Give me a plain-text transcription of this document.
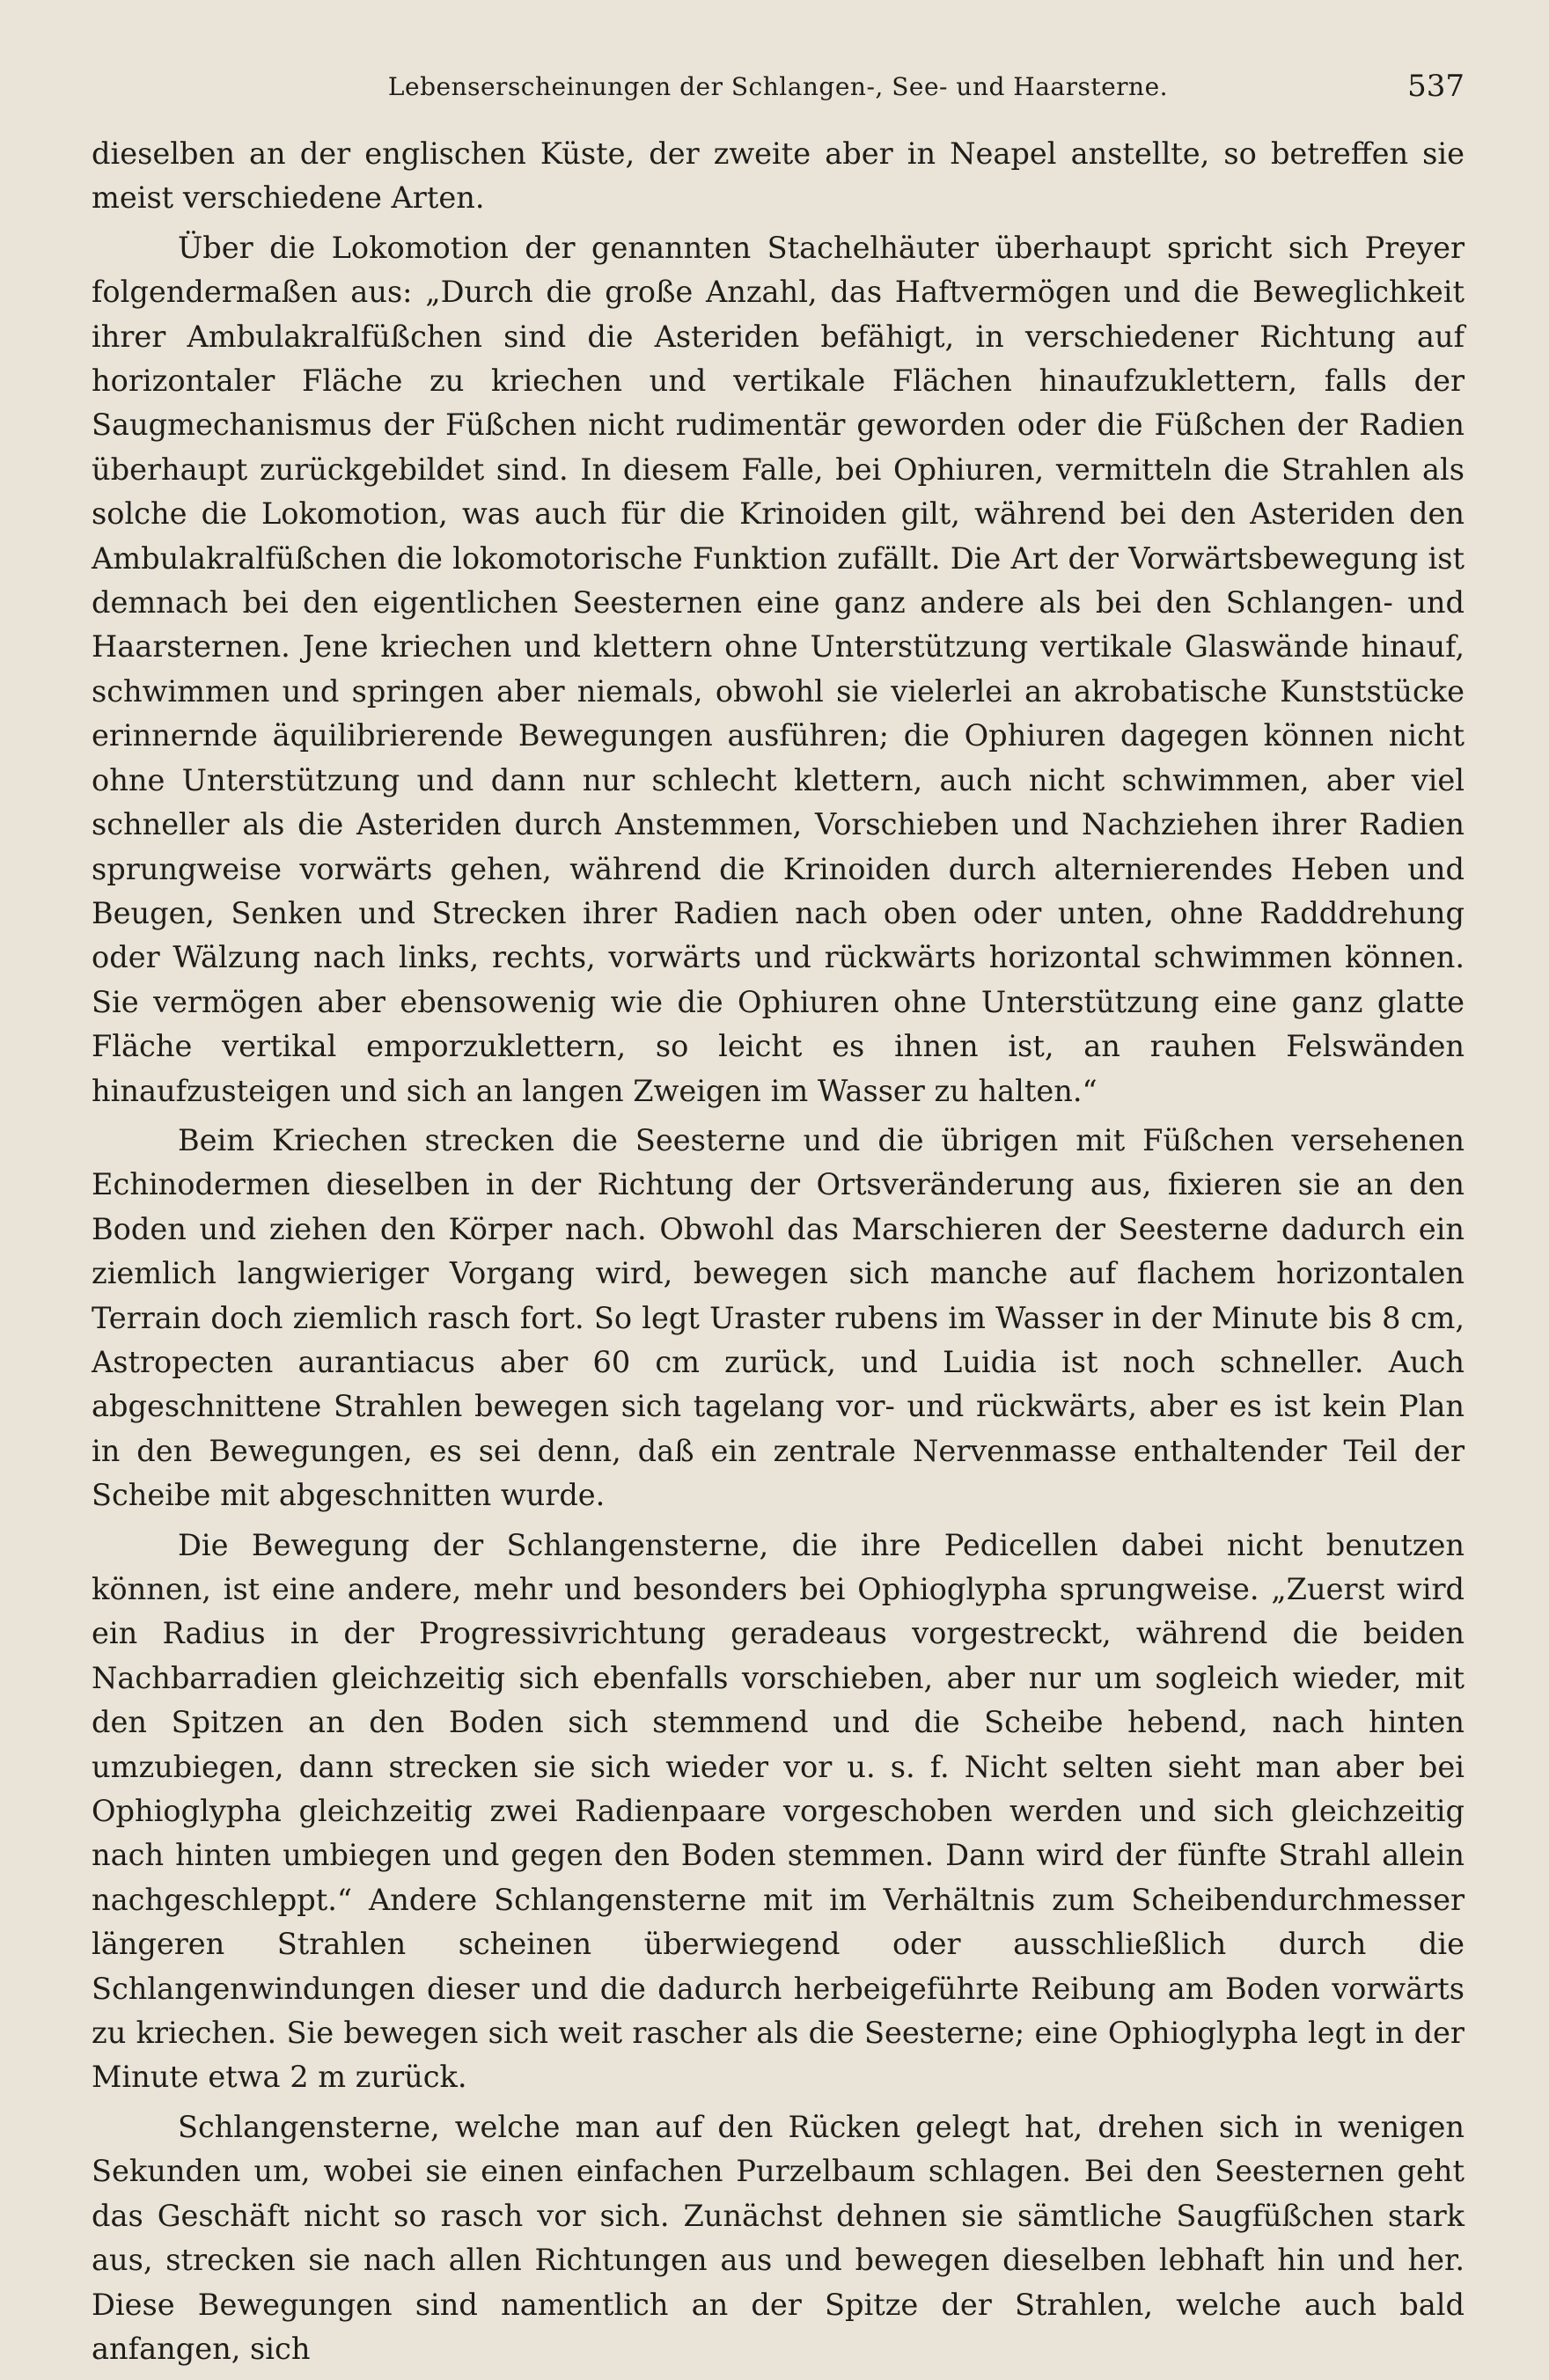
Lebenserscheinungen der Schlangen-, See- und Haarsterne.	537

dieselben an der englischen Küste, der zweite aber in Neapel anstellte, so betreffen sie meist verschiedene Arten.

Über die Lokomotion der genannten Stachelhäuter überhaupt spricht sich Preyer folgendermaßen aus: „Durch die große Anzahl, das Haftvermögen und die Beweglichkeit ihrer Ambulakralfüßchen sind die Asteriden befähigt, in verschiedener Richtung auf horizontaler Fläche zu kriechen und vertikale Flächen hinaufzuklettern, falls der Saugmechanismus der Füßchen nicht rudimentär geworden oder die Füßchen der Radien überhaupt zurückgebildet sind. In diesem Falle, bei Ophiuren, vermitteln die Strahlen als solche die Lokomotion, was auch für die Krinoiden gilt, während bei den Asteriden den Ambulakralfüßchen die lokomotorische Funktion zufällt. Die Art der Vorwärtsbewegung ist demnach bei den eigentlichen Seesternen eine ganz andere als bei den Schlangen- und Haarsternen. Jene kriechen und klettern ohne Unterstützung vertikale Glaswände hinauf, schwimmen und springen aber niemals, obwohl sie vielerlei an akrobatische Kunststücke erinnernde äquilibrierende Bewegungen ausführen; die Ophiuren dagegen können nicht ohne Unterstützung und dann nur schlecht klettern, auch nicht schwimmen, aber viel schneller als die Asteriden durch Anstemmen, Vorschieben und Nachziehen ihrer Radien sprungweise vorwärts gehen, während die Krinoiden durch alternierendes Heben und Beugen, Senken und Strecken ihrer Radien nach oben oder unten, ohne Radddrehung oder Wälzung nach links, rechts, vorwärts und rückwärts horizontal schwimmen können. Sie vermögen aber ebensowenig wie die Ophiuren ohne Unterstützung eine ganz glatte Fläche vertikal emporzuklettern, so leicht es ihnen ist, an rauhen Felswänden hinaufzusteigen und sich an langen Zweigen im Wasser zu halten.“

Beim Kriechen strecken die Seesterne und die übrigen mit Füßchen versehenen Echinodermen dieselben in der Richtung der Ortsveränderung aus, fixieren sie an den Boden und ziehen den Körper nach. Obwohl das Marschieren der Seesterne dadurch ein ziemlich langwieriger Vorgang wird, bewegen sich manche auf flachem horizontalen Terrain doch ziemlich rasch fort. So legt Uraster rubens im Wasser in der Minute bis 8 cm, Astropecten aurantiacus aber 60 cm zurück, und Luidia ist noch schneller. Auch abgeschnittene Strahlen bewegen sich tagelang vor- und rückwärts, aber es ist kein Plan in den Bewegungen, es sei denn, daß ein zentrale Nervenmasse enthaltender Teil der Scheibe mit abgeschnitten wurde.

Die Bewegung der Schlangensterne, die ihre Pedicellen dabei nicht benutzen können, ist eine andere, mehr und besonders bei Ophioglypha sprungweise. „Zuerst wird ein Radius in der Progressivrichtung geradeaus vorgestreckt, während die beiden Nachbarradien gleichzeitig sich ebenfalls vorschieben, aber nur um sogleich wieder, mit den Spitzen an den Boden sich stemmend und die Scheibe hebend, nach hinten umzubiegen, dann strecken sie sich wieder vor u. s. f. Nicht selten sieht man aber bei Ophioglypha gleichzeitig zwei Radienpaare vorgeschoben werden und sich gleichzeitig nach hinten umbiegen und gegen den Boden stemmen. Dann wird der fünfte Strahl allein nachgeschleppt.“ Andere Schlangensterne mit im Verhältnis zum Scheibendurchmesser längeren Strahlen scheinen überwiegend oder ausschließlich durch die Schlangenwindungen dieser und die dadurch herbeigeführte Reibung am Boden vorwärts zu kriechen. Sie bewegen sich weit rascher als die Seesterne; eine Ophioglypha legt in der Minute etwa 2 m zurück.

Schlangensterne, welche man auf den Rücken gelegt hat, drehen sich in wenigen Sekunden um, wobei sie einen einfachen Purzelbaum schlagen. Bei den Seesternen geht das Geschäft nicht so rasch vor sich. Zunächst dehnen sie sämtliche Saugfüßchen stark aus, strecken sie nach allen Richtungen aus und bewegen dieselben lebhaft hin und her. Diese Bewegungen sind namentlich an der Spitze der Strahlen, welche auch bald anfangen, sich
